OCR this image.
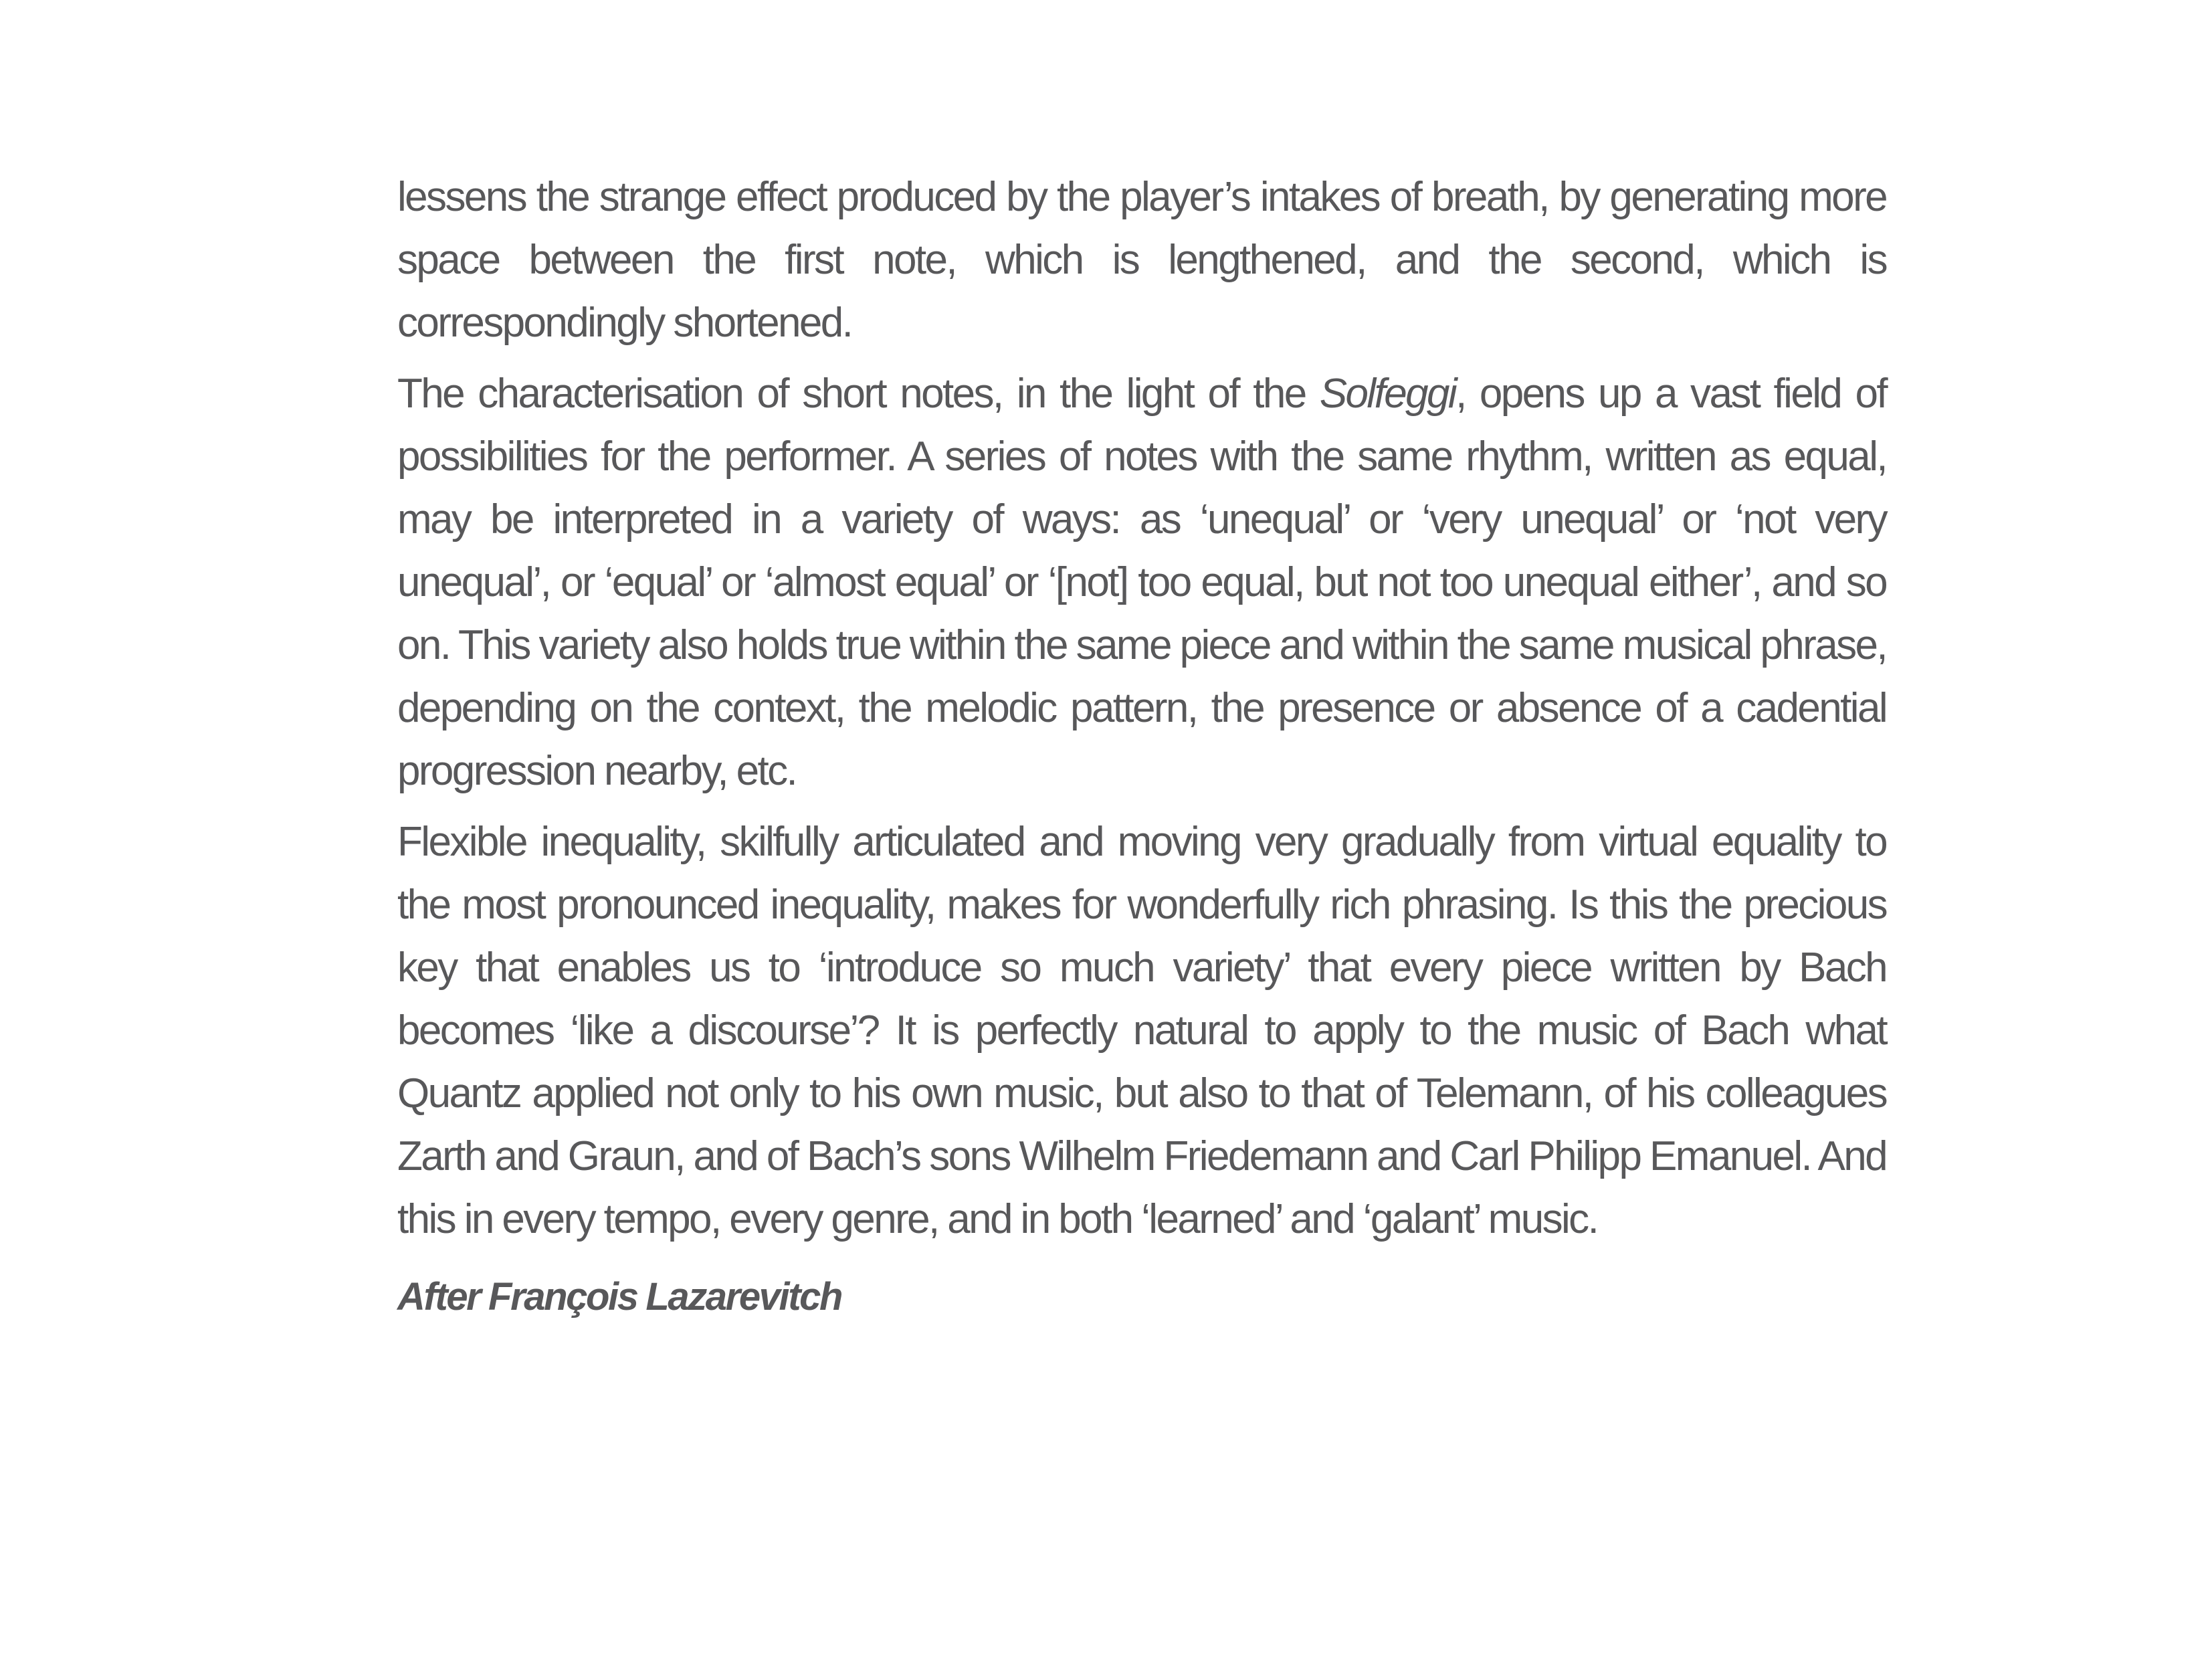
lessens the strange effect produced by the player’s intakes of breath, by generating more space between the first note, which is lengthened, and the second, which is correspondingly shortened.

The characterisation of short notes, in the light of the Solfeggi, opens up a vast field of possibilities for the performer. A series of notes with the same rhythm, written as equal, may be interpreted in a variety of ways: as ‘unequal’ or ‘very unequal’ or ‘not very unequal’, or ‘equal’ or ‘almost equal’ or ‘[not] too equal, but not too unequal either’, and so on. This variety also holds true within the same piece and within the same musical phrase, depending on the context, the melodic pattern, the presence or absence of a cadential progression nearby, etc.

Flexible inequality, skilfully articulated and moving very gradually from virtual equality to the most pronounced inequality, makes for wonderfully rich phrasing. Is this the precious key that enables us to ‘introduce so much variety’ that every piece written by Bach becomes ‘like a discourse’? It is perfectly natural to apply to the music of Bach what Quantz applied not only to his own music, but also to that of Telemann, of his colleagues Zarth and Graun, and of Bach’s sons Wilhelm Friedemann and Carl Philipp Emanuel. And this in every tempo, every genre, and in both ‘learned’ and ‘galant’ music.

After François Lazarevitch
